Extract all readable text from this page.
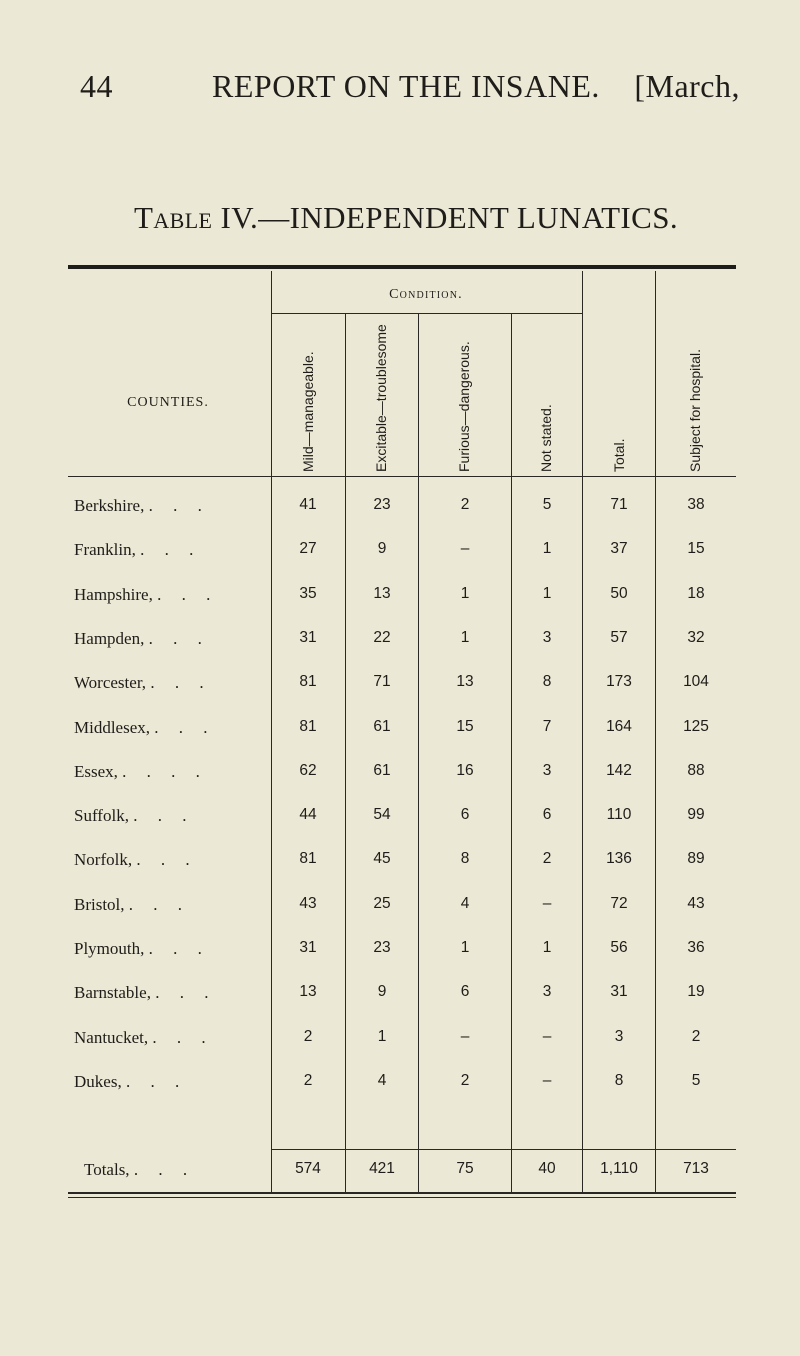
44	REPORT ON THE INSANE. [March,
Table IV.—INDEPENDENT LUNATICS.
COUNTIES.
Condition.
Mild—manageable.	Excitable—troublesome	Furious—dangerous.	Not stated.	Total.	Subject for hospital.
Berkshire, . . .	41	23	2	5	71	38
Franklin, . . .	27	9	–	1	37	15
Hampshire, . . .	35	13	1	1	50	18
Hampden, . . .	31	22	1	3	57	32
Worcester, . . .	81	71	13	8	173	104
Middlesex, . . .	81	61	15	7	164	125
Essex, . . . .	62	61	16	3	142	88
Suffolk, . . .	44	54	6	6	110	99
Norfolk, . . .	81	45	8	2	136	89
Bristol, . . .	43	25	4	–	72	43
Plymouth, . . .	31	23	1	1	56	36
Barnstable, . . .	13	9	6	3	31	19
Nantucket, . . .	2	1	–	–	3	2
Dukes, . . .	2	4	2	–	8	5
Totals, . . .	574	421	75	40	1,110	713
